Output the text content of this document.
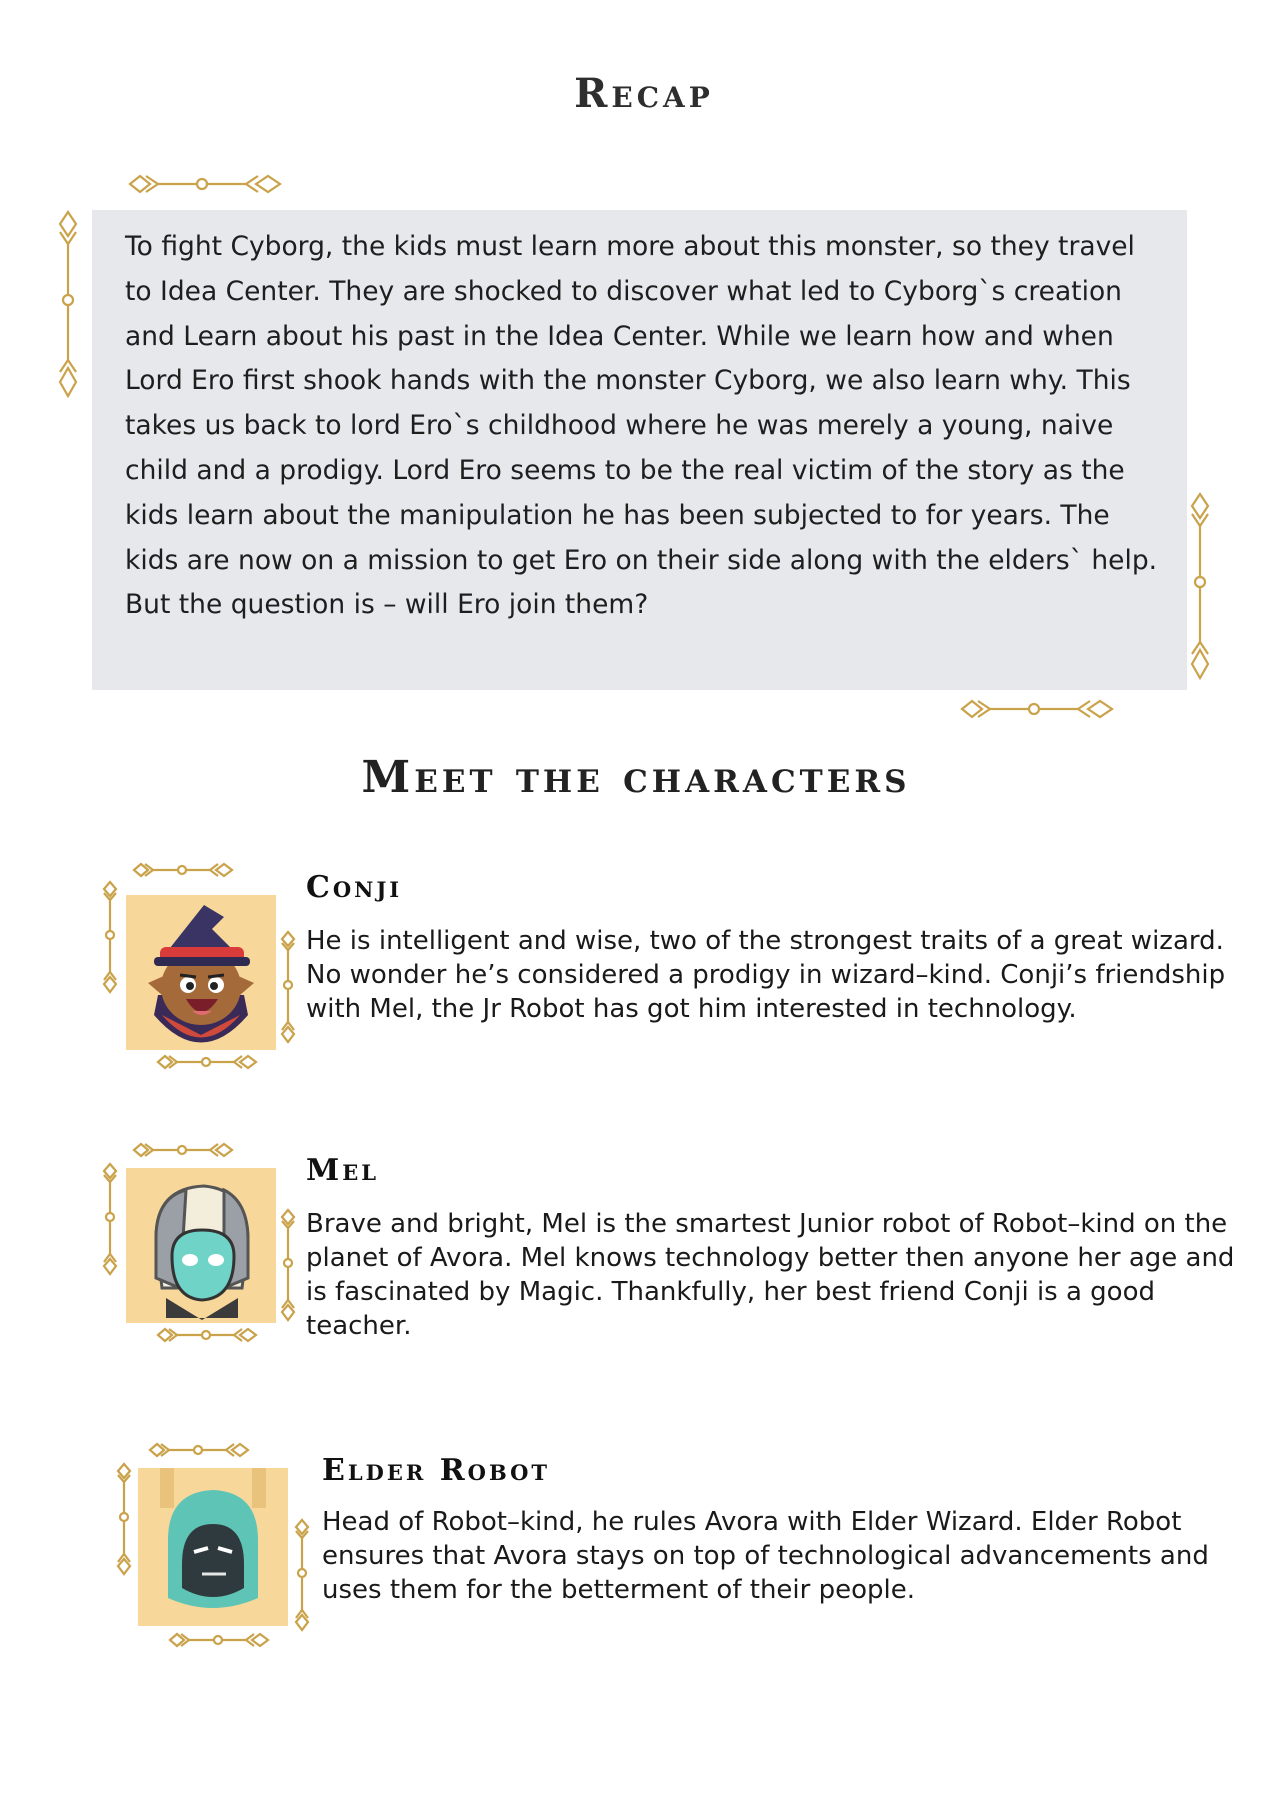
Recap

To fight Cyborg, the kids must learn more about this monster, so they travel to Idea Center. They are shocked to discover what led to Cyborg`s creation and Learn about his past in the Idea Center. While we learn how and when Lord Ero first shook hands with the monster Cyborg, we also learn why. This takes us back to lord Ero`s childhood where he was merely a young, naive child and a prodigy. Lord Ero seems to be the real victim of the story as the kids learn about the manipulation he has been subjected to for years. The kids are now on a mission to get Ero on their side along with the elders` help. But the question is – will Ero join them?

Meet the characters
Conji

He is intelligent and wise, two of the strongest traits of a great wizard. No wonder he’s considered a prodigy in wizard–kind. Conji’s friendship with Mel, the Jr Robot has got him interested in technology.

Mel

Brave and bright, Mel is the smartest Junior robot of Robot–kind on the planet of Avora. Mel knows technology better then anyone her age and is fascinated by Magic. Thankfully, her best friend Conji is a good teacher.

Elder Robot

Head of Robot–kind, he rules Avora with Elder Wizard. Elder Robot ensures that Avora stays on top of technological advancements and uses them for the betterment of their people.
